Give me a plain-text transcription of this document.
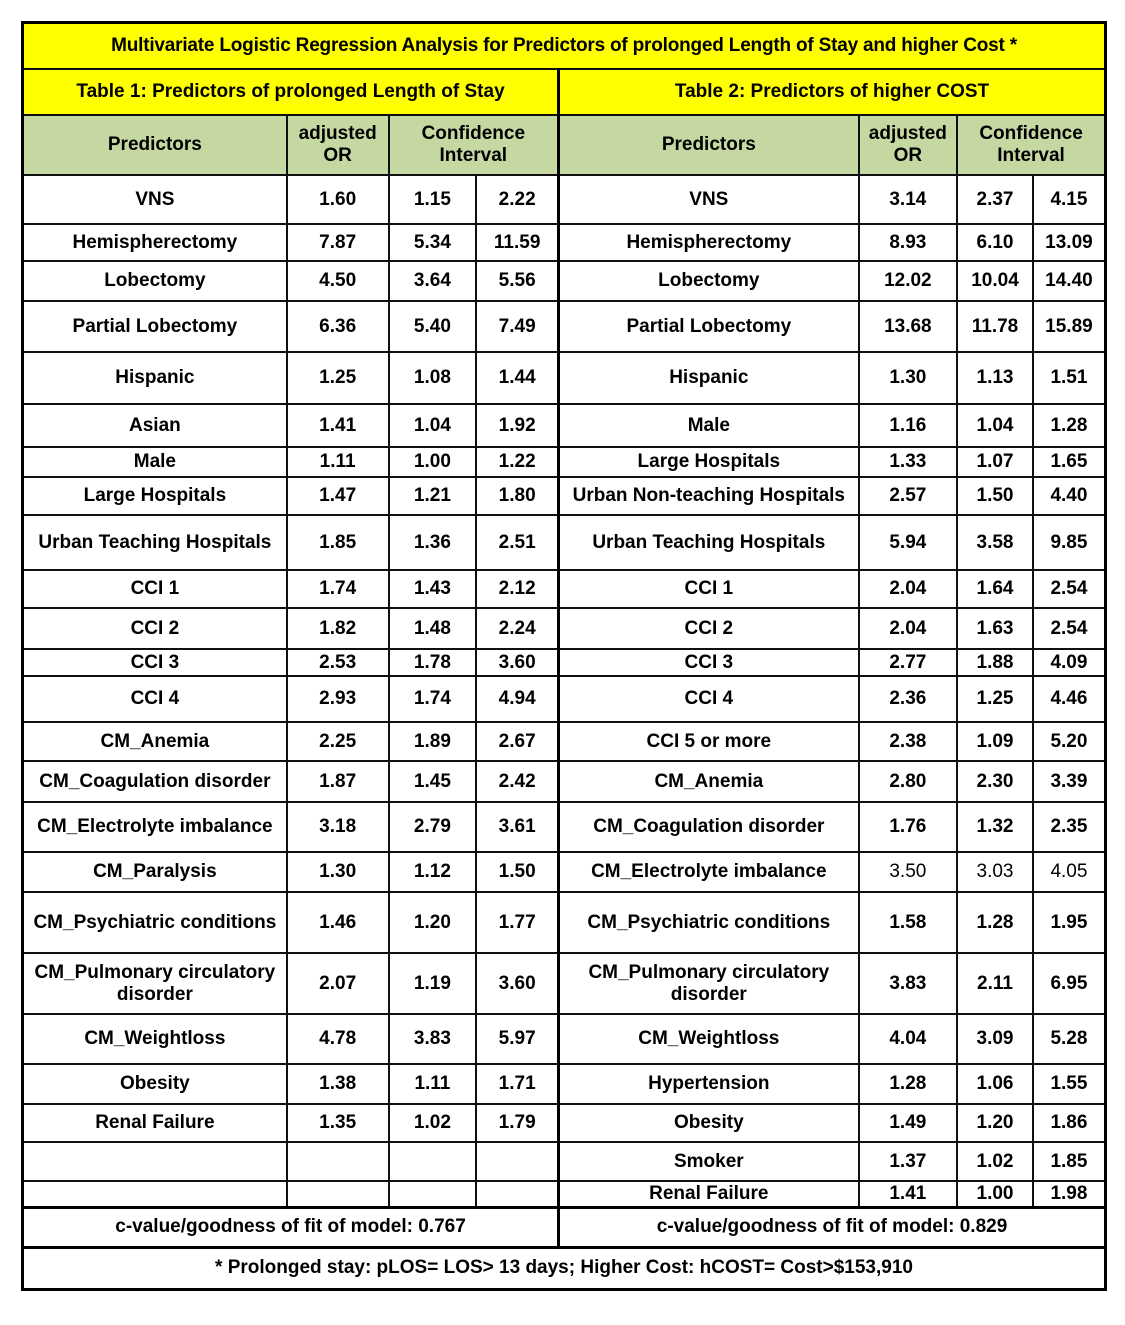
Multivariate Logistic Regression Analysis for Predictors of prolonged Length of Stay and higher Cost *							
Table 1: Predictors of prolonged Length of Stay				Table 2: Predictors of higher COST			
Predictors	adjusted OR	Confidence Interval		Predictors	adjusted OR	Confidence Interval	
VNS	1.60	1.15	2.22	VNS	3.14	2.37	4.15
Hemispherectomy	7.87	5.34	11.59	Hemispherectomy	8.93	6.10	13.09
Lobectomy	4.50	3.64	5.56	Lobectomy	12.02	10.04	14.40
Partial Lobectomy	6.36	5.40	7.49	Partial Lobectomy	13.68	11.78	15.89
Hispanic	1.25	1.08	1.44	Hispanic	1.30	1.13	1.51
Asian	1.41	1.04	1.92	Male	1.16	1.04	1.28
Male	1.11	1.00	1.22	Large Hospitals	1.33	1.07	1.65
Large Hospitals	1.47	1.21	1.80	Urban Non-teaching Hospitals	2.57	1.50	4.40
Urban Teaching Hospitals	1.85	1.36	2.51	Urban Teaching Hospitals	5.94	3.58	9.85
CCI 1	1.74	1.43	2.12	CCI 1	2.04	1.64	2.54
CCI 2	1.82	1.48	2.24	CCI 2	2.04	1.63	2.54
CCI 3	2.53	1.78	3.60	CCI 3	2.77	1.88	4.09
CCI 4	2.93	1.74	4.94	CCI 4	2.36	1.25	4.46
CM_Anemia	2.25	1.89	2.67	CCI 5 or more	2.38	1.09	5.20
CM_Coagulation disorder	1.87	1.45	2.42	CM_Anemia	2.80	2.30	3.39
CM_Electrolyte imbalance	3.18	2.79	3.61	CM_Coagulation disorder	1.76	1.32	2.35
CM_Paralysis	1.30	1.12	1.50	CM_Electrolyte imbalance	3.50	3.03	4.05
CM_Psychiatric conditions	1.46	1.20	1.77	CM_Psychiatric conditions	1.58	1.28	1.95
CM_Pulmonary circulatory disorder	2.07	1.19	3.60	CM_Pulmonary circulatory disorder	3.83	2.11	6.95
CM_Weightloss	4.78	3.83	5.97	CM_Weightloss	4.04	3.09	5.28
Obesity	1.38	1.11	1.71	Hypertension	1.28	1.06	1.55
Renal Failure	1.35	1.02	1.79	Obesity	1.49	1.20	1.86
				Smoker	1.37	1.02	1.85
				Renal Failure	1.41	1.00	1.98
c-value/goodness of fit of model: 0.767				c-value/goodness of fit of model: 0.829			
* Prolonged stay: pLOS= LOS> 13 days; Higher Cost: hCOST= Cost>$153,910							
